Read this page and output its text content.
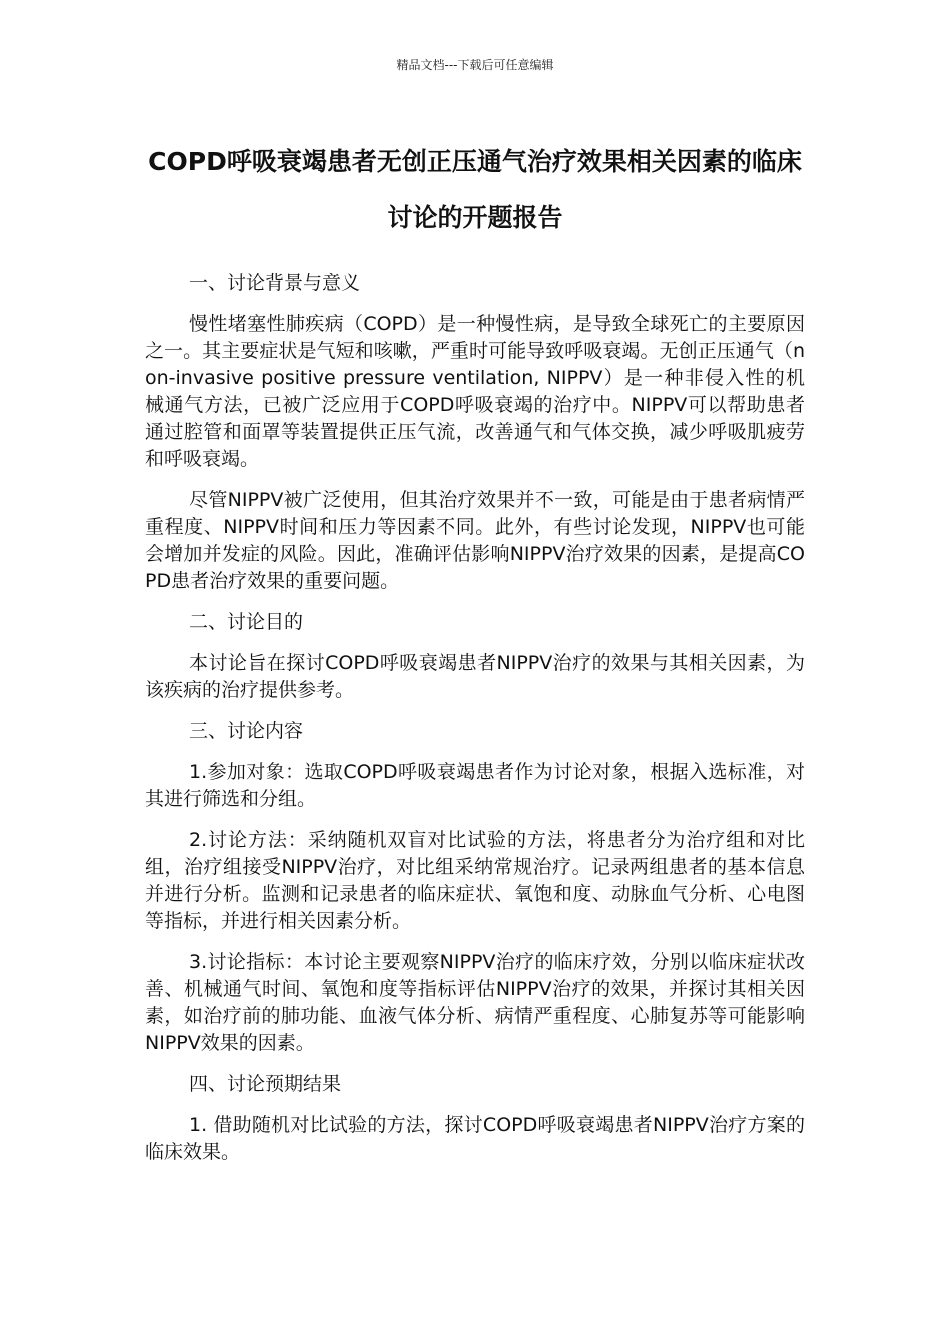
精品文档---下载后可任意编辑
COPD呼吸衰竭患者无创正压通气治疗效果相关因素的临床讨论的开题报告

一、讨论背景与意义

慢性堵塞性肺疾病（COPD）是一种慢性病，是导致全球死亡的主要原因之一。其主要症状是气短和咳嗽，严重时可能导致呼吸衰竭。无创正压通气（non-invasive positive pressure ventilation, NIPPV）是一种非侵入性的机械通气方法，已被广泛应用于COPD呼吸衰竭的治疗中。NIPPV可以帮助患者通过腔管和面罩等装置提供正压气流，改善通气和气体交换，减少呼吸肌疲劳和呼吸衰竭。

尽管NIPPV被广泛使用，但其治疗效果并不一致，可能是由于患者病情严重程度、NIPPV时间和压力等因素不同。此外，有些讨论发现，NIPPV也可能会增加并发症的风险。因此，准确评估影响NIPPV治疗效果的因素，是提高COPD患者治疗效果的重要问题。

二、讨论目的

本讨论旨在探讨COPD呼吸衰竭患者NIPPV治疗的效果与其相关因素，为该疾病的治疗提供参考。

三、讨论内容

1.参加对象：选取COPD呼吸衰竭患者作为讨论对象，根据入选标准，对其进行筛选和分组。

2.讨论方法：采纳随机双盲对比试验的方法，将患者分为治疗组和对比组，治疗组接受NIPPV治疗，对比组采纳常规治疗。记录两组患者的基本信息并进行分析。监测和记录患者的临床症状、氧饱和度、动脉血气分析、心电图等指标，并进行相关因素分析。

3.讨论指标：本讨论主要观察NIPPV治疗的临床疗效，分别以临床症状改善、机械通气时间、氧饱和度等指标评估NIPPV治疗的效果，并探讨其相关因素，如治疗前的肺功能、血液气体分析、病情严重程度、心肺复苏等可能影响NIPPV效果的因素。

四、讨论预期结果

1. 借助随机对比试验的方法，探讨COPD呼吸衰竭患者NIPPV治疗方案的临床效果。
